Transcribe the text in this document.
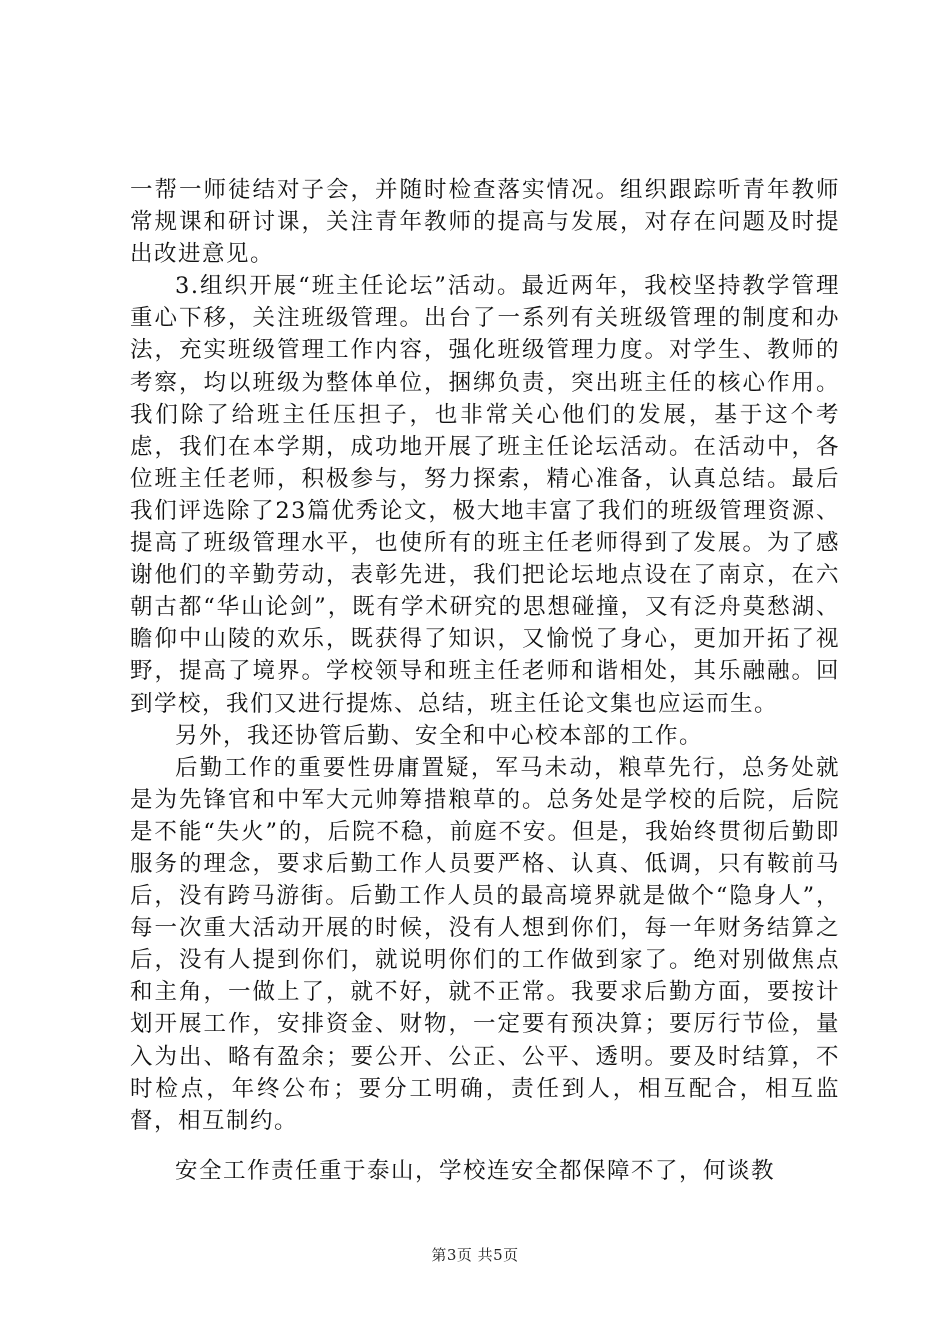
一帮一师徒结对子会，并随时检查落实情况。组织跟踪听青年教师常规课和研讨课，关注青年教师的提高与发展，对存在问题及时提出改进意见。

3.组织开展“班主任论坛”活动。最近两年，我校坚持教学管理重心下移，关注班级管理。出台了一系列有关班级管理的制度和办法，充实班级管理工作内容，强化班级管理力度。对学生、教师的考察，均以班级为整体单位，捆绑负责，突出班主任的核心作用。我们除了给班主任压担子，也非常关心他们的发展，基于这个考虑，我们在本学期，成功地开展了班主任论坛活动。在活动中，各位班主任老师，积极参与，努力探索，精心准备，认真总结。最后我们评选除了23篇优秀论文，极大地丰富了我们的班级管理资源、提高了班级管理水平，也使所有的班主任老师得到了发展。为了感谢他们的辛勤劳动，表彰先进，我们把论坛地点设在了南京，在六朝古都“华山论剑”，既有学术研究的思想碰撞，又有泛舟莫愁湖、瞻仰中山陵的欢乐，既获得了知识，又愉悦了身心，更加开拓了视野，提高了境界。学校领导和班主任老师和谐相处，其乐融融。回到学校，我们又进行提炼、总结，班主任论文集也应运而生。

另外，我还协管后勤、安全和中心校本部的工作。

后勤工作的重要性毋庸置疑，军马未动，粮草先行，总务处就是为先锋官和中军大元帅筹措粮草的。总务处是学校的后院，后院是不能“失火”的，后院不稳，前庭不安。但是，我始终贯彻后勤即服务的理念，要求后勤工作人员要严格、认真、低调，只有鞍前马后，没有跨马游街。后勤工作人员的最高境界就是做个“隐身人”，每一次重大活动开展的时候，没有人想到你们，每一年财务结算之后，没有人提到你们，就说明你们的工作做到家了。绝对别做焦点和主角，一做上了，就不好，就不正常。我要求后勤方面，要按计划开展工作，安排资金、财物，一定要有预决算；要厉行节俭，量入为出、略有盈余；要公开、公正、公平、透明。要及时结算，不时检点，年终公布；要分工明确，责任到人，相互配合，相互监督，相互制约。

安全工作责任重于泰山，学校连安全都保障不了，何谈教

第3页 共5页
